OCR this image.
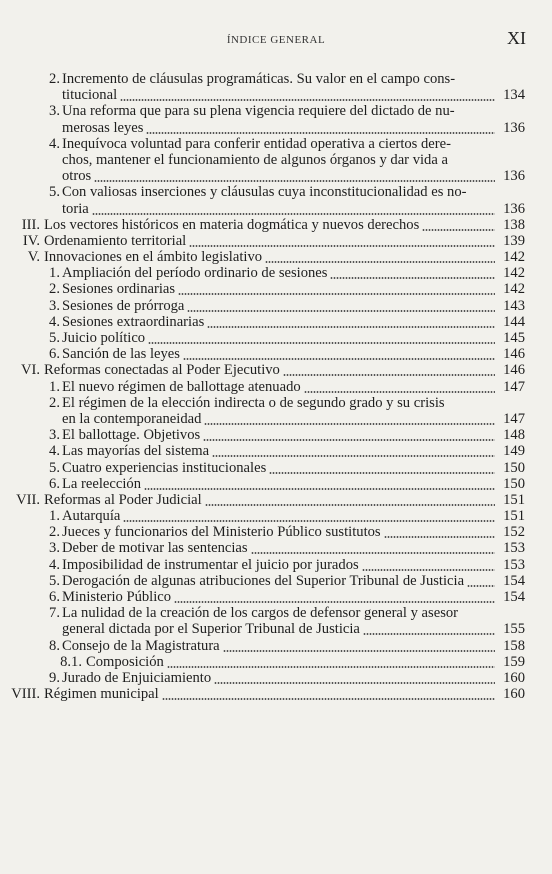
ÍNDICE GENERAL	XI
2. Incremento de cláusulas programáticas. Su valor en el campo cons-
titucional	134
3. Una reforma que para su plena vigencia requiere del dictado de nu-
merosas leyes	136
4. Inequívoca voluntad para conferir entidad operativa a ciertos dere-
chos, mantener el funcionamiento de algunos órganos y dar vida a
otros	136
5. Con valiosas inserciones y cláusulas cuya inconstitucionalidad es no-
toria	136
III. Los vectores históricos en materia dogmática y nuevos derechos	138
IV. Ordenamiento territorial	139
V. Innovaciones en el ámbito legislativo	142
1. Ampliación del período ordinario de sesiones	142
2. Sesiones ordinarias	142
3. Sesiones de prórroga	143
4. Sesiones extraordinarias	144
5. Juicio político	145
6. Sanción de las leyes	146
VI. Reformas conectadas al Poder Ejecutivo	146
1. El nuevo régimen de ballottage atenuado	147
2. El régimen de la elección indirecta o de segundo grado y su crisis
en la contemporaneidad	147
3. El ballottage. Objetivos	148
4. Las mayorías del sistema	149
5. Cuatro experiencias institucionales	150
6. La reelección	150
VII. Reformas al Poder Judicial	151
1. Autarquía	151
2. Jueces y funcionarios del Ministerio Público sustitutos	152
3. Deber de motivar las sentencias	153
4. Imposibilidad de instrumentar el juicio por jurados	153
5. Derogación de algunas atribuciones del Superior Tribunal de Justicia	154
6. Ministerio Público	154
7. La nulidad de la creación de los cargos de defensor general y asesor
general dictada por el Superior Tribunal de Justicia	155
8. Consejo de la Magistratura	158
8.1. Composición	159
9. Jurado de Enjuiciamiento	160
VIII. Régimen municipal	160
